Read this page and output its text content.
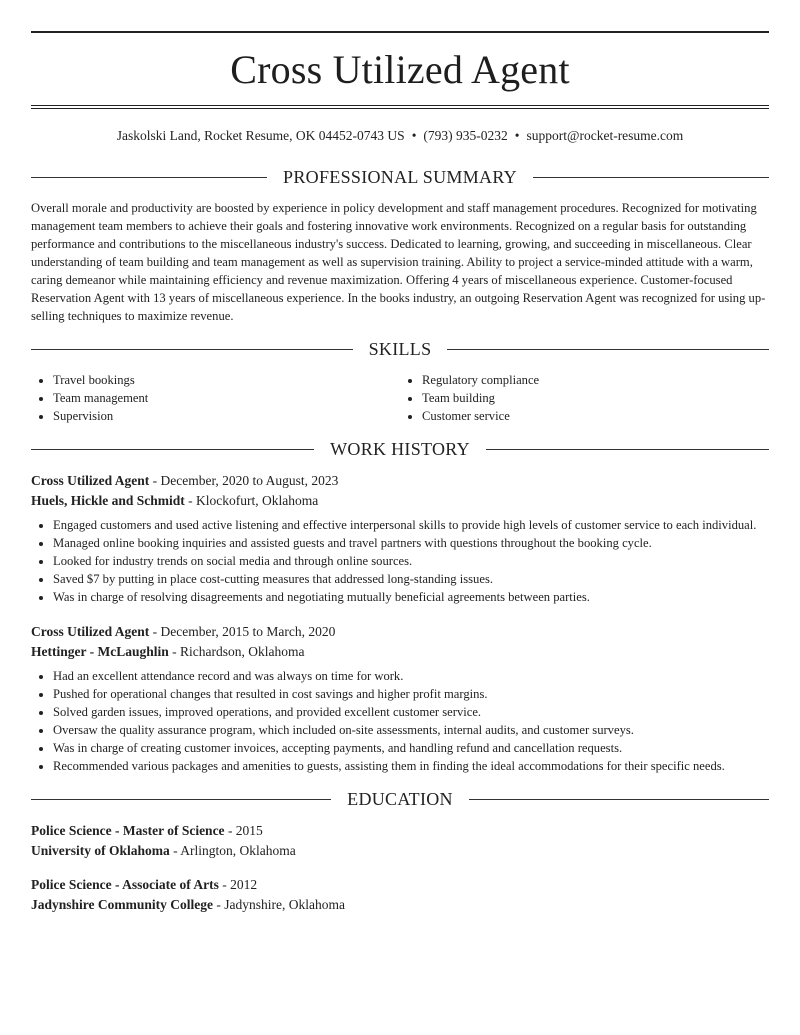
Cross Utilized Agent
Jaskolski Land, Rocket Resume, OK 04452-0743 US • (793) 935-0232 • support@rocket-resume.com
PROFESSIONAL SUMMARY
Overall morale and productivity are boosted by experience in policy development and staff management procedures. Recognized for motivating management team members to achieve their goals and fostering innovative work environments. Recognized on a regular basis for outstanding performance and contributions to the miscellaneous industry's success. Dedicated to learning, growing, and succeeding in miscellaneous. Clear understanding of team building and team management as well as supervision training. Ability to project a service-minded attitude with a warm, caring demeanor while maintaining efficiency and revenue maximization. Offering 4 years of miscellaneous experience. Customer-focused Reservation Agent with 13 years of miscellaneous experience. In the books industry, an outgoing Reservation Agent was recognized for using up-selling techniques to maximize revenue.
SKILLS
• Travel bookings
• Team management
• Supervision
• Regulatory compliance
• Team building
• Customer service
WORK HISTORY
Cross Utilized Agent - December, 2020 to August, 2023
Huels, Hickle and Schmidt - Klockofurt, Oklahoma
• Engaged customers and used active listening and effective interpersonal skills to provide high levels of customer service to each individual.
• Managed online booking inquiries and assisted guests and travel partners with questions throughout the booking cycle.
• Looked for industry trends on social media and through online sources.
• Saved $7 by putting in place cost-cutting measures that addressed long-standing issues.
• Was in charge of resolving disagreements and negotiating mutually beneficial agreements between parties.
Cross Utilized Agent - December, 2015 to March, 2020
Hettinger - McLaughlin - Richardson, Oklahoma
• Had an excellent attendance record and was always on time for work.
• Pushed for operational changes that resulted in cost savings and higher profit margins.
• Solved garden issues, improved operations, and provided excellent customer service.
• Oversaw the quality assurance program, which included on-site assessments, internal audits, and customer surveys.
• Was in charge of creating customer invoices, accepting payments, and handling refund and cancellation requests.
• Recommended various packages and amenities to guests, assisting them in finding the ideal accommodations for their specific needs.
EDUCATION
Police Science - Master of Science - 2015
University of Oklahoma - Arlington, Oklahoma
Police Science - Associate of Arts - 2012
Jadynshire Community College - Jadynshire, Oklahoma
